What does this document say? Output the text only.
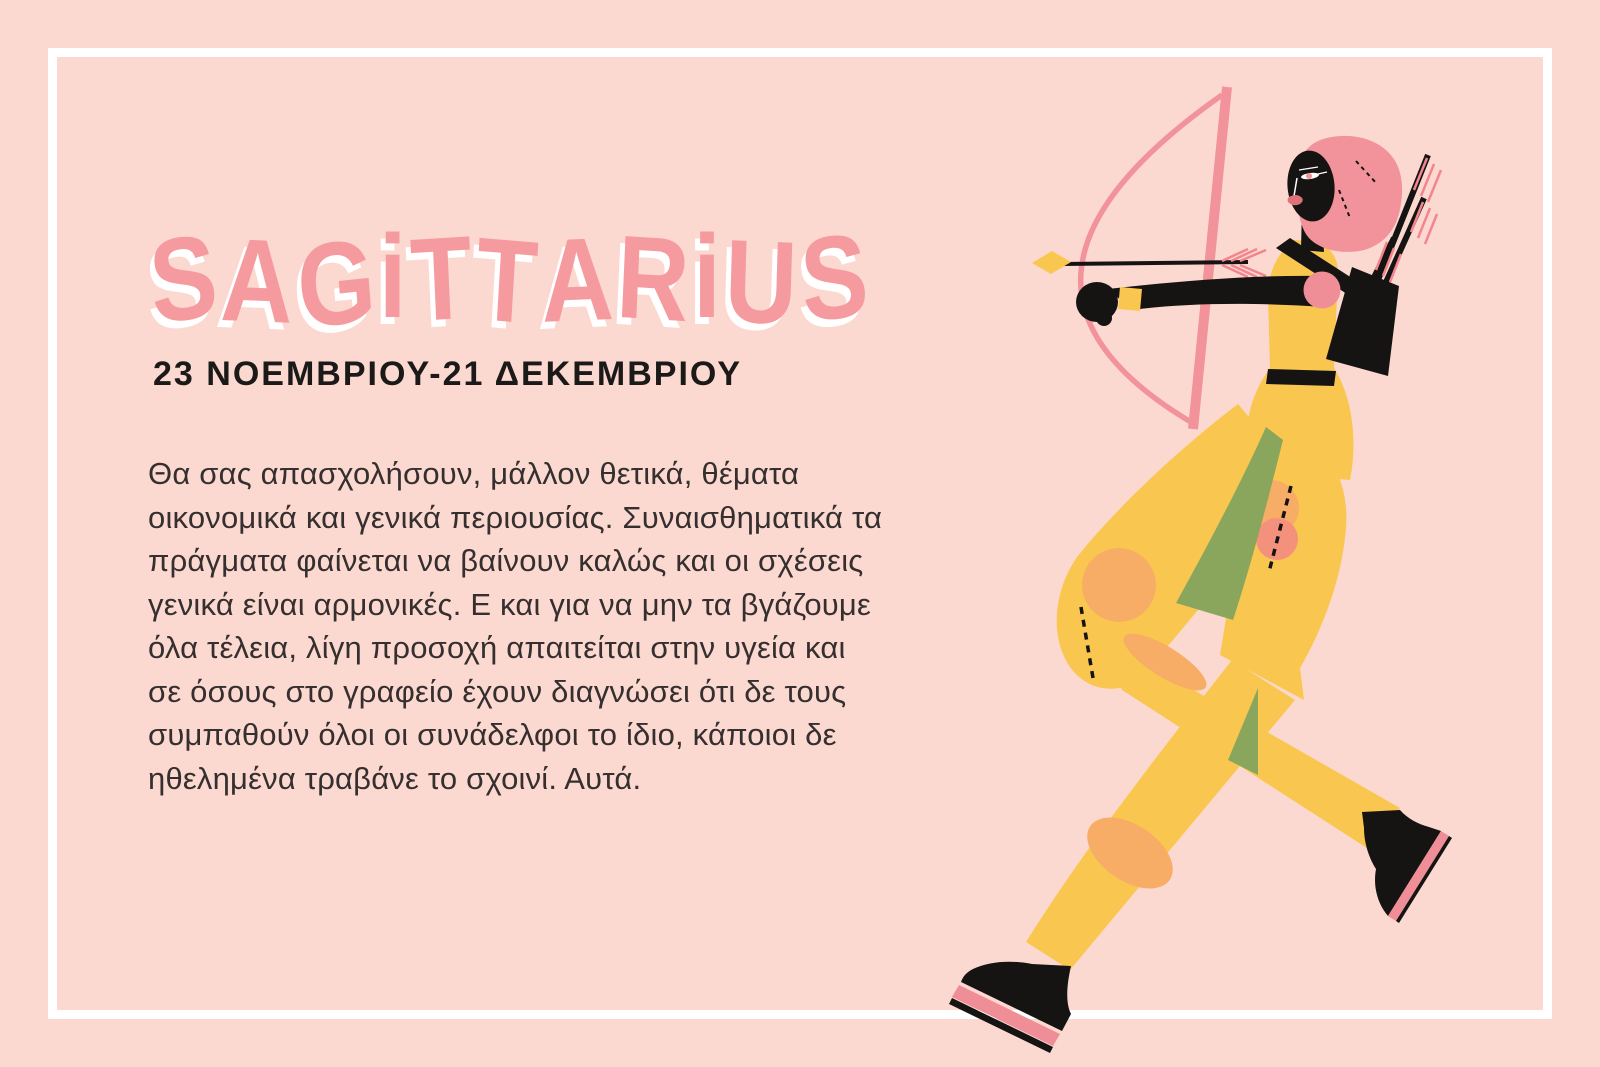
SAGiTTARiUS
23 ΝΟΕΜΒΡΙΟΥ-21 ΔΕΚΕΜΒΡΙΟΥ
Θα σας απασχολήσουν, μάλλον θετικά, θέματα
οικονομικά και γενικά περιουσίας. Συναισθηματικά τα
πράγματα φαίνεται να βαίνουν καλώς και οι σχέσεις
γενικά είναι αρμονικές. Ε και για να μην τα βγάζουμε
όλα τέλεια, λίγη προσοχή απαιτείται στην υγεία και
σε όσους στο γραφείο έχουν διαγνώσει ότι δε τους
συμπαθούν όλοι οι συνάδελφοι το ίδιο, κάποιοι δε
ηθελημένα τραβάνε το σχοινί. Αυτά.
